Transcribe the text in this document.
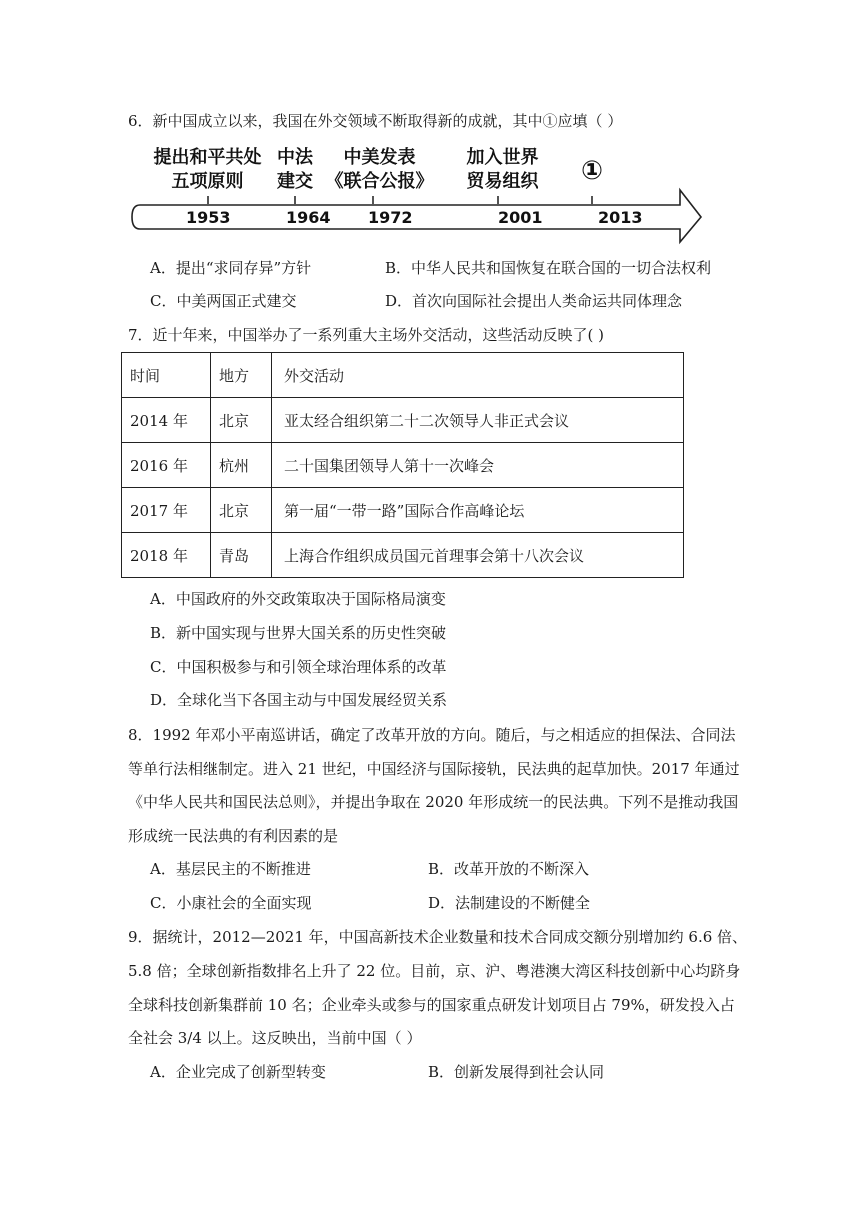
6．新中国成立以来，我国在外交领域不断取得新的成就，其中①应填（ ）
提出和平共处
五项原则
1953
中法
建交
1964
中美发表
《联合公报》
1972
加入世界
贸易组织
2001
①
2013
A．提出“求同存异”方针	B．中华人民共和国恢复在联合国的一切合法权利
C．中美两国正式建交	D．首次向国际社会提出人类命运共同体理念
7．近十年来，中国举办了一系列重大主场外交活动，这些活动反映了( )
时间	地方	外交活动
2014 年	北京	亚太经合组织第二十二次领导人非正式会议
2016 年	杭州	二十国集团领导人第十一次峰会
2017 年	北京	第一届“一带一路”国际合作高峰论坛
2018 年	青岛	上海合作组织成员国元首理事会第十八次会议
A．中国政府的外交政策取决于国际格局演变
B．新中国实现与世界大国关系的历史性突破
C．中国积极参与和引领全球治理体系的改革
D．全球化当下各国主动与中国发展经贸关系
8．1992 年邓小平南巡讲话，确定了改革开放的方向。随后，与之相适应的担保法、合同法
等单行法相继制定。进入 21 世纪，中国经济与国际接轨，民法典的起草加快。2017 年通过
《中华人民共和国民法总则》，并提出争取在 2020 年形成统一的民法典。下列不是推动我国
形成统一民法典的有利因素的是
A．基层民主的不断推进	B．改革开放的不断深入
C．小康社会的全面实现	D．法制建设的不断健全
9．据统计，2012—2021 年，中国高新技术企业数量和技术合同成交额分别增加约 6.6 倍、
5.8 倍；全球创新指数排名上升了 22 位。目前，京、沪、粤港澳大湾区科技创新中心均跻身
全球科技创新集群前 10 名；企业牵头或参与的国家重点研发计划项目占 79%，研发投入占
全社会 3/4 以上。这反映出，当前中国（ ）
A．企业完成了创新型转变	B．创新发展得到社会认同
